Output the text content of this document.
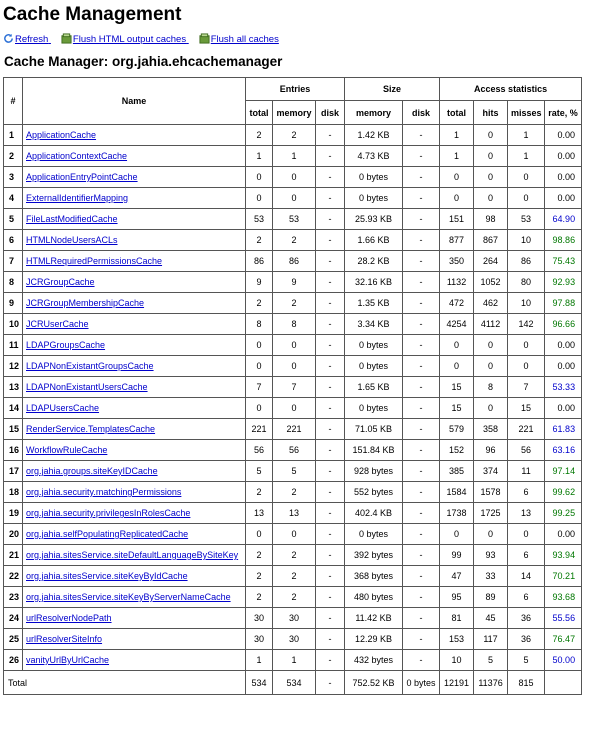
Cache Management
Refresh	Flush HTML output caches	Flush all caches
Cache Manager: org.jahia.ehcachemanager
#	Name	Entries			Size		Access statistics			
		total	memory	disk	memory	disk	total	hits	misses	rate, %
1	ApplicationCache	2	2	-	1.42 KB	-	1	0	1	0.00
2	ApplicationContextCache	1	1	-	4.73 KB	-	1	0	1	0.00
3	ApplicationEntryPointCache	0	0	-	0 bytes	-	0	0	0	0.00
4	ExternalIdentifierMapping	0	0	-	0 bytes	-	0	0	0	0.00
5	FileLastModifiedCache	53	53	-	25.93 KB	-	151	98	53	64.90
6	HTMLNodeUsersACLs	2	2	-	1.66 KB	-	877	867	10	98.86
7	HTMLRequiredPermissionsCache	86	86	-	28.2 KB	-	350	264	86	75.43
8	JCRGroupCache	9	9	-	32.16 KB	-	1132	1052	80	92.93
9	JCRGroupMembershipCache	2	2	-	1.35 KB	-	472	462	10	97.88
10	JCRUserCache	8	8	-	3.34 KB	-	4254	4112	142	96.66
11	LDAPGroupsCache	0	0	-	0 bytes	-	0	0	0	0.00
12	LDAPNonExistantGroupsCache	0	0	-	0 bytes	-	0	0	0	0.00
13	LDAPNonExistantUsersCache	7	7	-	1.65 KB	-	15	8	7	53.33
14	LDAPUsersCache	0	0	-	0 bytes	-	15	0	15	0.00
15	RenderService.TemplatesCache	221	221	-	71.05 KB	-	579	358	221	61.83
16	WorkflowRuleCache	56	56	-	151.84 KB	-	152	96	56	63.16
17	org.jahia.groups.siteKeyIDCache	5	5	-	928 bytes	-	385	374	11	97.14
18	org.jahia.security.matchingPermissions	2	2	-	552 bytes	-	1584	1578	6	99.62
19	org.jahia.security.privilegesInRolesCache	13	13	-	402.4 KB	-	1738	1725	13	99.25
20	org.jahia.selfPopulatingReplicatedCache	0	0	-	0 bytes	-	0	0	0	0.00
21	org.jahia.sitesService.siteDefaultLanguageBySiteKey	2	2	-	392 bytes	-	99	93	6	93.94
22	org.jahia.sitesService.siteKeyByIdCache	2	2	-	368 bytes	-	47	33	14	70.21
23	org.jahia.sitesService.siteKeyByServerNameCache	2	2	-	480 bytes	-	95	89	6	93.68
24	urlResolverNodePath	30	30	-	11.42 KB	-	81	45	36	55.56
25	urlResolverSiteInfo	30	30	-	12.29 KB	-	153	117	36	76.47
26	vanityUrlByUrlCache	1	1	-	432 bytes	-	10	5	5	50.00
Total		534	534	-	752.52 KB	0 bytes	12191	11376	815	
